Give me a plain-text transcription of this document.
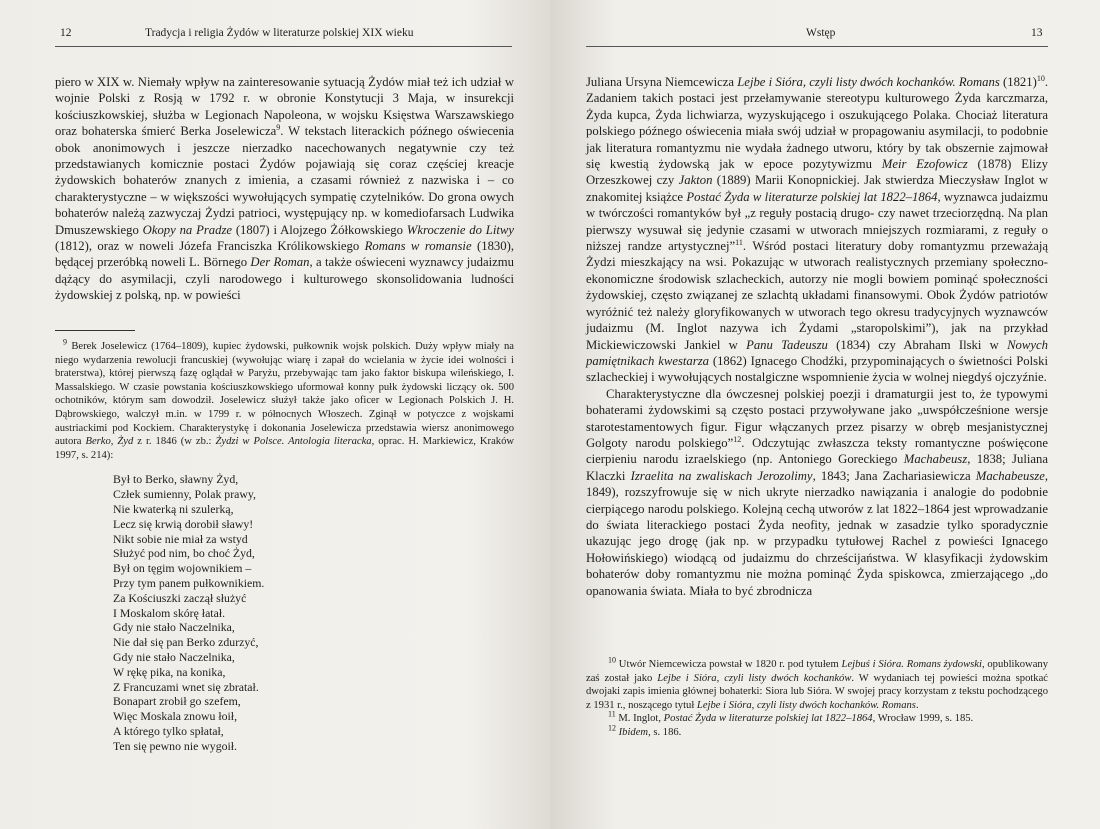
12	Tradycja i religia Żydów w literaturze polskiej XIX wieku

piero w XIX w. Niemały wpływ na zainteresowanie sytuacją Żydów miał też ich udział w wojnie Polski z Rosją w 1792 r. w obronie Konstytucji 3 Maja, w insurekcji kościuszkowskiej, służba w Legionach Napoleona, w wojsku Księstwa Warszawskiego oraz bohaterska śmierć Berka Joselewicza$^9$. W tekstach literackich późnego oświecenia obok anonimowych i jeszcze nierzadko nacechowanych negatywnie czy też przedstawianych komicznie postaci Żydów pojawiają się coraz częściej kreacje żydowskich bohaterów znanych z imienia, a czasami również z nazwiska i – co charakterystyczne – w większości wywołujących sympatię czytelników. Do grona owych bohaterów należą zazwyczaj Żydzi patrioci, występujący np. w komediofarsach Ludwika Dmuszewskiego Okopy na Pradze (1807) i Alojzego Żółkowskiego Wkroczenie do Litwy (1812), oraz w noweli Józefa Franciszka Królikowskiego Romans w romansie (1830), będącej przeróbką noweli L. Börnego Der Roman, a także oświeceni wyznawcy judaizmu dążący do asymilacji, czyli narodowego i kulturowego skonsolidowania ludności żydowskiej z polską, np. w powieści

$^9$ Berek Joselewicz (1764–1809), kupiec żydowski, pułkownik wojsk polskich. Duży wpływ miały na niego wydarzenia rewolucji francuskiej (wywołując wiarę i zapał do wcielania w życie idei wolności i braterstwa), której pierwszą fazę oglądał w Paryżu, przebywając tam jako faktor biskupa wileńskiego, I. Massalskiego. W czasie powstania kościuszkowskiego uformował konny pułk żydowski liczący ok. 500 ochotników, którym sam dowodził. Joselewicz służył także jako oficer w Legionach Polskich J. H. Dąbrowskiego, walczył m.in. w 1799 r. w północnych Włoszech. Zginął w potyczce z wojskami austriackimi pod Kockiem. Charakterystykę i dokonania Joselewicza przedstawia wiersz anonimowego autora Berko, Żyd z r. 1846 (w zb.: Żydzi w Polsce. Antologia literacka, oprac. H. Markiewicz, Kraków 1997, s. 214):

Był to Berko, sławny Żyd,
Człek sumienny, Polak prawy,
Nie kwaterką ni szulerką,
Lecz się krwią dorobił sławy!
Nikt sobie nie miał za wstyd
Służyć pod nim, bo choć Żyd,
Był on tęgim wojownikiem –
Przy tym panem pułkownikiem.
Za Kościuszki zaczął służyć
I Moskalom skórę łatał.
Gdy nie stało Naczelnika,
Nie dał się pan Berko zdurzyć,
Gdy nie stało Naczelnika,
W rękę pika, na konika,
Z Francuzami wnet się zbratał.
Bonapart zrobił go szefem,
Więc Moskala znowu łoił,
A którego tylko spłatał,
Ten się pewno nie wygoił.
Wstęp	13

Juliana Ursyna Niemcewicza Lejbe i Sióra, czyli listy dwóch kochanków. Romans $(1821)^{10}$. Zadaniem takich postaci jest przełamywanie stereotypu kulturowego Żyda karczmarza, Żyda kupca, Żyda lichwiarza, wyzyskującego i oszukującego Polaka. Chociaż literatura polskiego późnego oświecenia miała swój udział w propagowaniu asymilacji, to podobnie jak literatura romantyzmu nie wydała żadnego utworu, który by tak obszernie zajmował się kwestią żydowską jak w epoce pozytywizmu Meir Ezofowicz (1878) Elizy Orzeszkowej czy Jakton (1889) Marii Konopnickiej. Jak stwierdza Mieczysław Inglot w znakomitej książce Postać Żyda w literaturze polskiej lat 1822–1864, wyznawca judaizmu w twórczości romantyków był „z reguły postacią drugo- czy nawet trzeciorzędną. Na plan pierwszy wysuwał się jedynie czasami w utworach mniejszych rozmiarami, z reguły o niższej randze artystycznej”$^{11}$. Wśród postaci literatury doby romantyzmu przeważają Żydzi mieszkający na wsi. Pokazując w utworach realistycznych przemiany społeczno-ekonomiczne środowisk szlacheckich, autorzy nie mogli bowiem pominąć społeczności żydowskiej, często związanej ze szlachtą układami finansowymi. Obok Żydów patriotów wyróżnić też należy gloryfikowanych w utworach tego okresu tradycyjnych wyznawców judaizmu (M. Inglot nazywa ich Żydami „staropolskimi”), jak na przykład Mickiewiczowski Jankiel w Panu Tadeuszu (1834) czy Abraham Ilski w Nowych pamiętnikach kwestarza (1862) Ignacego Chodźki, przypominających o świetności Polski szlacheckiej i wywołujących nostalgiczne wspomnienie życia w wolnej niegdyś ojczyźnie.

Charakterystyczne dla ówczesnej polskiej poezji i dramaturgii jest to, że typowymi bohaterami żydowskimi są często postaci przywoływane jako „uwspółcześnione wersje starotestamentowych figur. Figur włączanych przez pisarzy w obręb mesjanistycznej Golgoty narodu polskiego”$^{12}$. Odczytując zwłaszcza teksty romantyczne poświęcone cierpieniu narodu izraelskiego (np. Antoniego Goreckiego Machabeusz, 1838; Juliana Klaczki Izraelita na zwaliskach Jerozolimy, 1843; Jana Zachariasiewicza Machabeusze, 1849), rozszyfrowuje się w nich ukryte nierzadko nawiązania i analogie do podobnie cierpiącego narodu polskiego. Kolejną cechą utworów z lat 1822–1864 jest wprowadzanie do świata literackiego postaci Żyda neofity, jednak w zasadzie tylko sporadycznie ukazując jego drogę (jak np. w przypadku tytułowej Rachel z powieści Ignacego Hołowińskiego) wiodącą od judaizmu do chrześcijaństwa. W klasyfikacji żydowskim bohaterów doby romantyzmu nie można pominąć Żyda spiskowca, zmierzającego „do opanowania świata. Miała to być zbrodnicza

$^{10}$ Utwór Niemcewicza powstał w 1820 r. pod tytułem Lejbuś i Sióra. Romans żydowski, opublikowany zaś został jako Lejbe i Sióra, czyli listy dwóch kochanków. W wydaniach tej powieści można spotkać dwojaki zapis imienia głównej bohaterki: Siora lub Sióra. W swojej pracy korzystam z tekstu pochodzącego z 1931 r., noszącego tytuł Lejbe i Sióra, czyli listy dwóch kochanków. Romans.

$^{11}$ M. Inglot, Postać Żyda w literaturze polskiej lat 1822–1864, Wrocław 1999, s. 185.

$^{12}$ Ibidem, s. 186.
